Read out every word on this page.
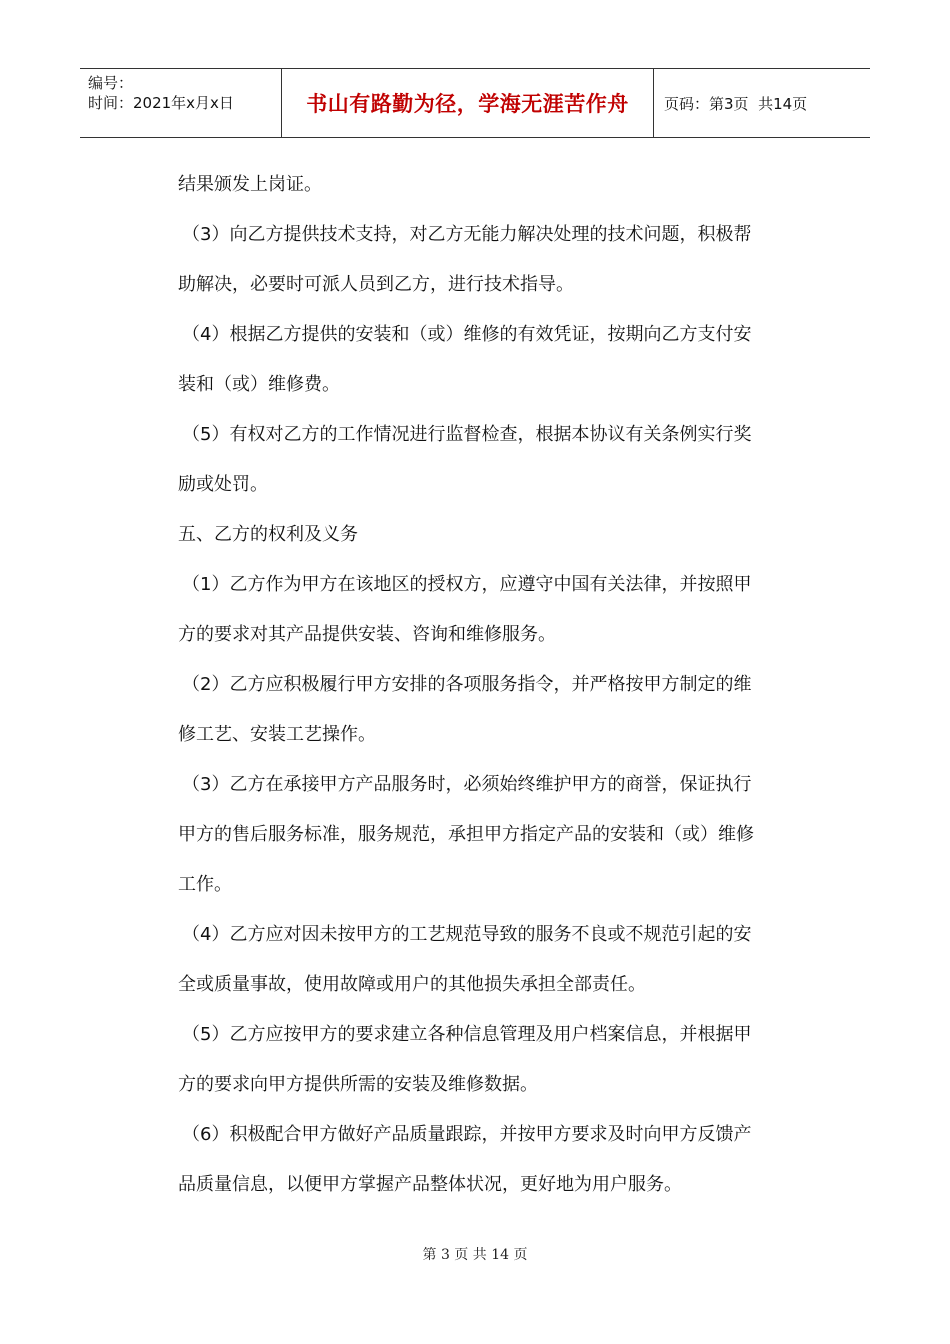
编号：
时间：2021年x月x日	书山有路勤为径，学海无涯苦作舟 页码：第3页  共14页

结果颁发上岗证。

（3）向乙方提供技术支持，对乙方无能力解决处理的技术问题，积极帮

助解决，必要时可派人员到乙方，进行技术指导。

（4）根据乙方提供的安装和（或）维修的有效凭证，按期向乙方支付安

装和（或）维修费。

（5）有权对乙方的工作情况进行监督检查，根据本协议有关条例实行奖

励或处罚。

五、乙方的权利及义务

（1）乙方作为甲方在该地区的授权方，应遵守中国有关法律，并按照甲

方的要求对其产品提供安装、咨询和维修服务。

（2）乙方应积极履行甲方安排的各项服务指令，并严格按甲方制定的维

修工艺、安装工艺操作。

（3）乙方在承接甲方产品服务时，必须始终维护甲方的商誉，保证执行

甲方的售后服务标准，服务规范，承担甲方指定产品的安装和（或）维修

工作。

（4）乙方应对因未按甲方的工艺规范导致的服务不良或不规范引起的安

全或质量事故，使用故障或用户的其他损失承担全部责任。

（5）乙方应按甲方的要求建立各种信息管理及用户档案信息，并根据甲

方的要求向甲方提供所需的安装及维修数据。

（6）积极配合甲方做好产品质量跟踪，并按甲方要求及时向甲方反馈产

品质量信息，以便甲方掌握产品整体状况，更好地为用户服务。

第 3 页 共 14 页
